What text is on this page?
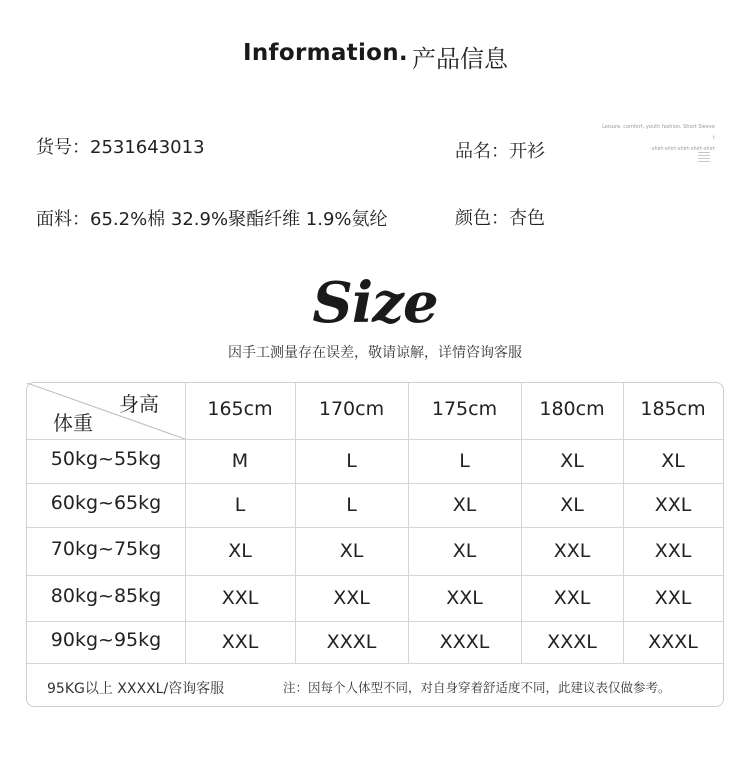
Information. 产品信息
货号：2531643013	品名：开衫
面料：65.2%棉 32.9%聚酯纤维 1.9%氨纶	颜色：杏色
Leisure, comfort, youth fashion, Short Sleeve t
-shirt-shirt-shirt-shirt-shirt
Size
因手工测量存在误差，敬请谅解，详情咨询客服
身高
体重
95KG以上 XXXXL/咨询客服	注：因每个人体型不同，对自身穿着舒适度不同，此建议表仅做参考。
165cm	170cm	175cm	180cm	185cm
50kg~55kg	M	L	L	XL	XL
60kg~65kg	L	L	XL	XL	XXL
70kg~75kg	XL	XL	XL	XXL	XXL
80kg~85kg	XXL	XXL	XXL	XXL	XXL
90kg~95kg	XXL	XXXL	XXXL	XXXL	XXXL
